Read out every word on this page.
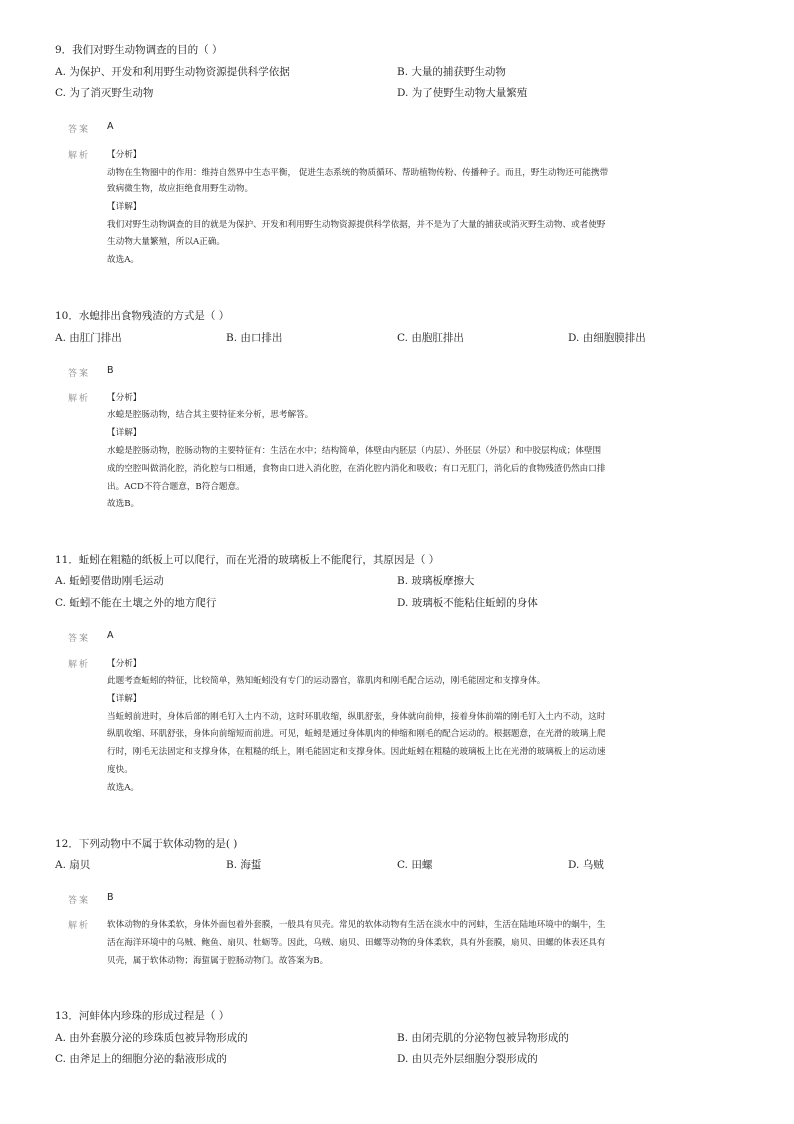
9．我们对野生动物调查的目的（ ）
A. 为保护、开发和利用野生动物资源提供科学依据	B. 大量的捕获野生动物
C. 为了消灭野生动物	D. 为了使野生动物大量繁殖
答案 A
解析 【分析】
动物在生物圈中的作用：维持自然界中生态平衡， 促进生态系统的物质循环、帮助植物传粉、传播种子。而且，野生动物还可能携带
致病微生物，故应拒绝食用野生动物。
【详解】
我们对野生动物调查的目的就是为保护、开发和利用野生动物资源提供科学依据，并不是为了大量的捕获或消灭野生动物、或者使野
生动物大量繁殖，所以A正确。
故选A。
10．水螅排出食物残渣的方式是（ ）
A. 由肛门排出	B. 由口排出	C. 由胞肛排出	D. 由细胞膜排出
答案 B
解析 【分析】
水螅是腔肠动物，结合其主要特征来分析，思考解答。
【详解】
水螅是腔肠动物，腔肠动物的主要特征有：生活在水中；结构简单，体壁由内胚层（内层）、外胚层（外层）和中胶层构成；体壁围
成的空腔叫做消化腔，消化腔与口相通，食物由口进入消化腔，在消化腔内消化和吸收；有口无肛门，消化后的食物残渣仍然由口排
出。ACD不符合题意，B符合题意。
故选B。
11．蚯蚓在粗糙的纸板上可以爬行，而在光滑的玻璃板上不能爬行，其原因是（ ）
A. 蚯蚓要借助刚毛运动	B. 玻璃板摩擦大
C. 蚯蚓不能在土壤之外的地方爬行	D. 玻璃板不能粘住蚯蚓的身体
答案 A
解析 【分析】
此题考查蚯蚓的特征，比较简单，熟知蚯蚓没有专门的运动器官，靠肌肉和刚毛配合运动，刚毛能固定和支撑身体。
【详解】
当蚯蚓前进时，身体后部的刚毛钉入土内不动，这时环肌收缩，纵肌舒张，身体就向前伸，接着身体前端的刚毛钉入土内不动，这时
纵肌收缩、环肌舒张，身体向前缩短而前进。可见，蚯蚓是通过身体肌肉的伸缩和刚毛的配合运动的。根据题意，在光滑的玻璃上爬
行时，刚毛无法固定和支撑身体，在粗糙的纸上，刚毛能固定和支撑身体。因此蚯蚓在粗糙的玻璃板上比在光滑的玻璃板上的运动速
度快。
故选A。
12．下列动物中不属于软体动物的是( )
A. 扇贝	B. 海蜇	C. 田螺	D. 乌贼
答案 B
解析 软体动物的身体柔软，身体外面包着外套膜，一般具有贝壳。常见的软体动物有生活在淡水中的河蚌，生活在陆地环境中的蜗牛，生
活在海洋环境中的乌贼、鲍鱼、扇贝、牡蛎等。因此，乌贼、扇贝、田螺等动物的身体柔软，具有外套膜，扇贝、田螺的体表还具有
贝壳，属于软体动物；海蜇属于腔肠动物门。故答案为B。
13．河蚌体内珍珠的形成过程是（ ）
A. 由外套膜分泌的珍珠质包被异物形成的	B. 由闭壳肌的分泌物包被异物形成的
C. 由斧足上的细胞分泌的黏液形成的	D. 由贝壳外层细胞分裂形成的
